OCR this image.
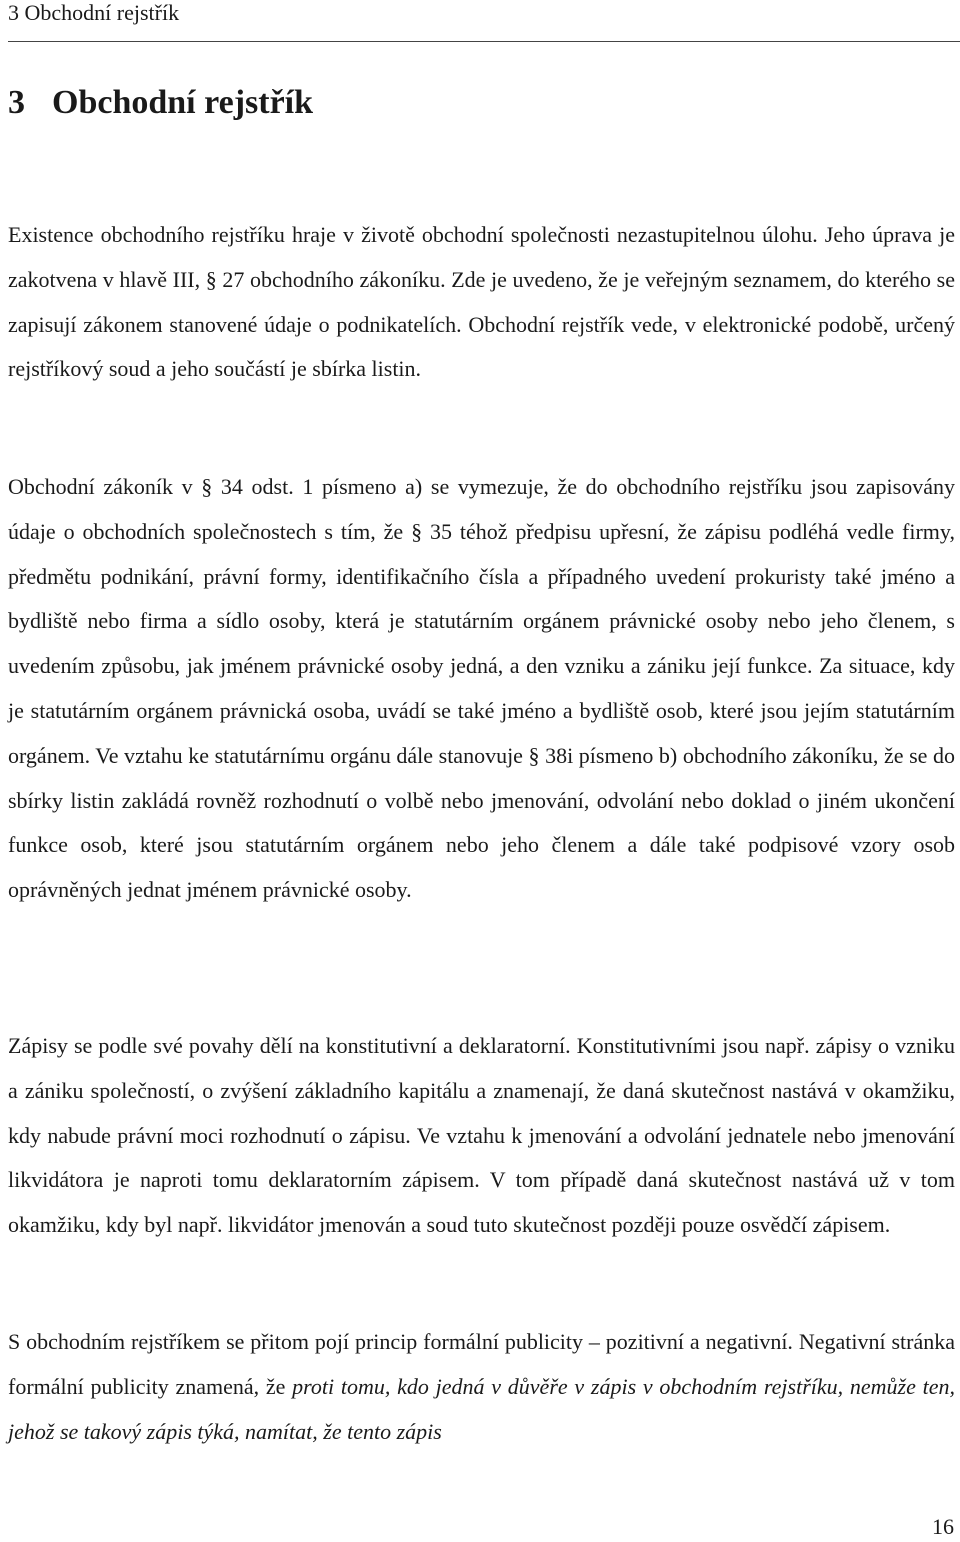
3 Obchodní rejstřík
3 Obchodní rejstřík

Existence obchodního rejstříku hraje v životě obchodní společnosti nezastupitelnou úlohu. Jeho úprava je zakotvena v hlavě III, § 27 obchodního zákoníku. Zde je uvedeno, že je veřejným seznamem, do kterého se zapisují zákonem stanovené údaje o podnikatelích. Obchodní rejstřík vede, v elektronické podobě, určený rejstříkový soud a jeho součástí je sbírka listin.

Obchodní zákoník v § 34 odst. 1 písmeno a) se vymezuje, že do obchodního rejstříku jsou zapisovány údaje o obchodních společnostech s tím, že § 35 téhož předpisu upřesní, že zápisu podléhá vedle firmy, předmětu podnikání, právní formy, identifikačního čísla a případného uvedení prokuristy také jméno a bydliště nebo firma a sídlo osoby, která je statutárním orgánem právnické osoby nebo jeho členem, s uvedením způsobu, jak jménem právnické osoby jedná, a den vzniku a zániku její funkce. Za situace, kdy je statutárním orgánem právnická osoba, uvádí se také jméno a bydliště osob, které jsou jejím statutárním orgánem. Ve vztahu ke statutárnímu orgánu dále stanovuje § 38i písmeno b) obchodního zákoníku, že se do sbírky listin zakládá rovněž rozhodnutí o volbě nebo jmenování, odvolání nebo doklad o jiném ukončení funkce osob, které jsou statutárním orgánem nebo jeho členem a dále také podpisové vzory osob oprávněných jednat jménem právnické osoby.

Zápisy se podle své povahy dělí na konstitutivní a deklaratorní. Konstitutivními jsou např. zápisy o vzniku a zániku společností, o zvýšení základního kapitálu a znamenají, že daná skutečnost nastává v okamžiku, kdy nabude právní moci rozhodnutí o zápisu. Ve vztahu k jmenování a odvolání jednatele nebo jmenování likvidátora je naproti tomu deklaratorním zápisem. V tom případě daná skutečnost nastává už v tom okamžiku, kdy byl např. likvidátor jmenován a soud tuto skutečnost později pouze osvědčí zápisem.

S obchodním rejstříkem se přitom pojí princip formální publicity – pozitivní a negativní. Negativní stránka formální publicity znamená, že proti tomu, kdo jedná v důvěře v zápis v obchodním rejstříku, nemůže ten, jehož se takový zápis týká, namítat, že tento zápis

16
